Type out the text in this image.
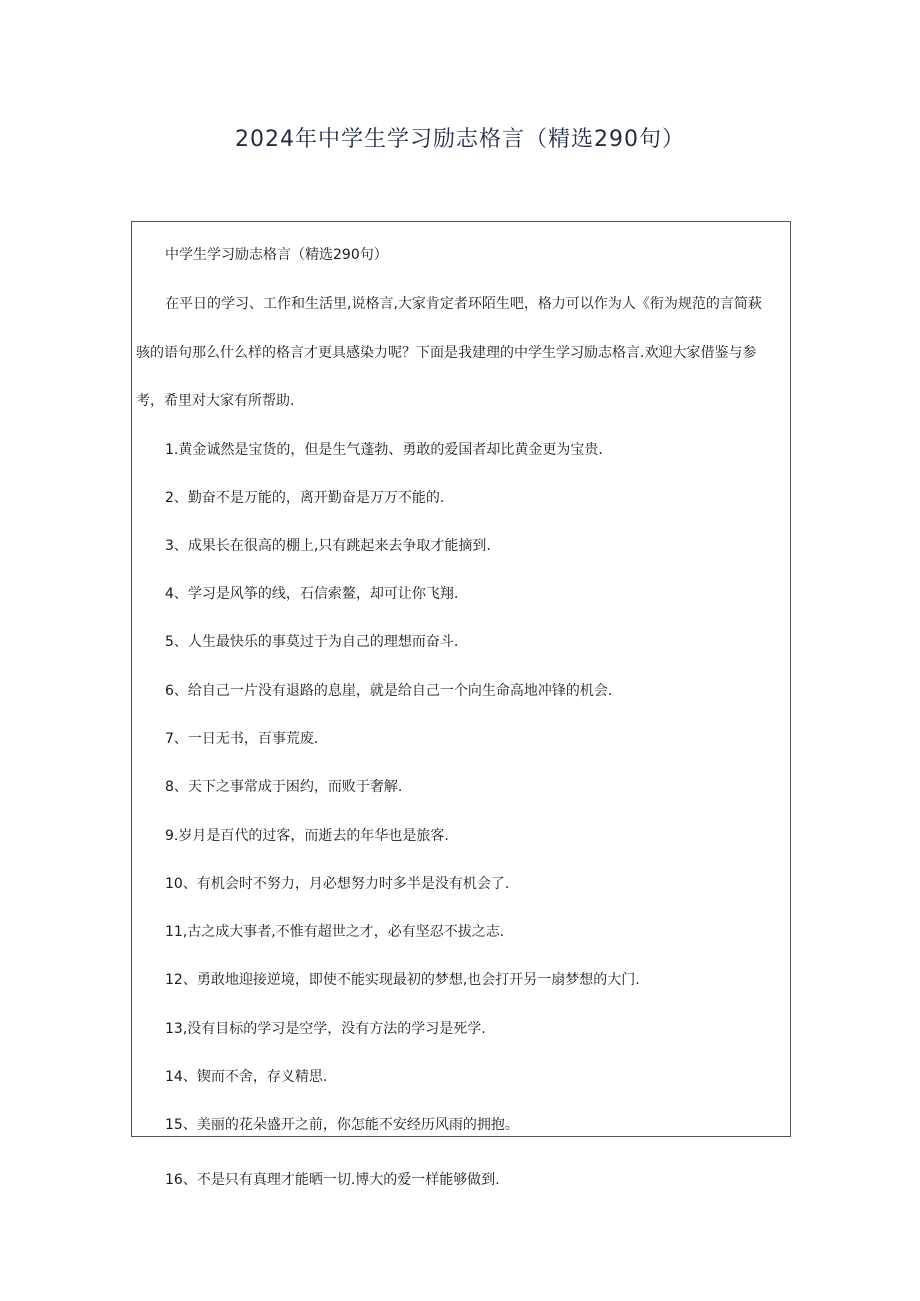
2024年中学生学习励志格言（精选290句）
中学生学习励志格言（精选290句）
在平日的学习、工作和生活里,说格言,大家肯定者环陌生吧，格力可以作为人《衔为规范的言简萩
骇的语句那么什么样的格言才更具感染力呢？下面是我建理的中学生学习励志格言.欢迎大家借鉴与参
考，希里对大家有所帮助.
1.黄金诚然是宝货的，但是生气蓬勃、勇敢的爱国者却比黄金更为宝贵.
2、勤奋不是万能的，离开勤奋是万万不能的.
3、成果长在很高的棚上,只有跳起来去争取才能摘到.
4、学习是风筝的线，石信索鳌，却可让你飞翔.
5、人生最快乐的事莫过于为自己的理想而奋斗.
6、给自己一片没有退路的息崖，就是给自己一个向生命高地冲锋的机会.
7、一日无书，百事荒废.
8、天下之事常成于困约，而败于奢解.
9.岁月是百代的过客，而逝去的年华也是旅客.
10、有机会时不努力，月必想努力时多半是没有机会了.
11,古之成大事者,不惟有超世之才，必有坚忍不拔之志.
12、勇敢地迎接逆境，即使不能实现最初的梦想,也会打开另一扇梦想的大门.
13,没有目标的学习是空学，没有方法的学习是死学.
14、锲而不舍，存义精思.
15、美丽的花朵盛开之前，你怎能不安经历风雨的拥抱。
16、不是只有真理才能晒一切.博大的爱一样能够做到.
